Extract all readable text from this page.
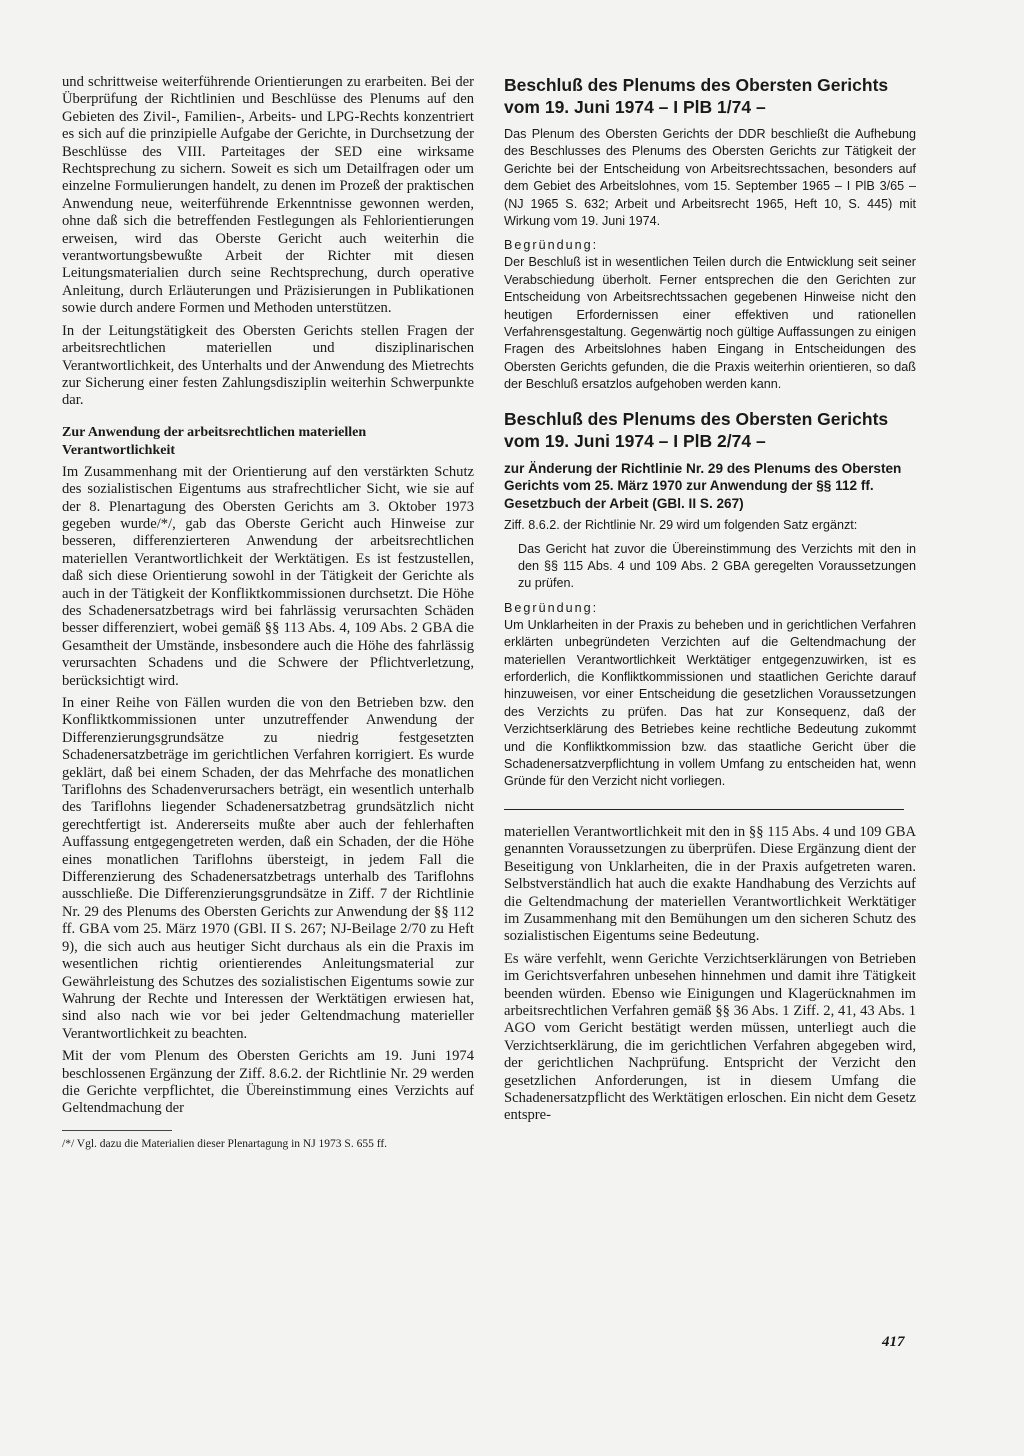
und schrittweise weiterführende Orientierungen zu erarbeiten. Bei der Überprüfung der Richtlinien und Beschlüsse des Plenums auf den Gebieten des Zivil-, Familien-, Arbeits- und LPG-Rechts konzentriert es sich auf die prinzipielle Aufgabe der Gerichte, in Durchsetzung der Beschlüsse des VIII. Parteitages der SED eine wirksame Rechtsprechung zu sichern. Soweit es sich um Detailfragen oder um einzelne Formulierungen handelt, zu denen im Prozeß der praktischen Anwendung neue, weiterführende Erkenntnisse gewonnen werden, ohne daß sich die betreffenden Festlegungen als Fehlorientierungen erweisen, wird das Oberste Gericht auch weiterhin die verantwortungsbewußte Arbeit der Richter mit diesen Leitungsmaterialien durch seine Rechtsprechung, durch operative Anleitung, durch Erläuterungen und Präzisierungen in Publikationen sowie durch andere Formen und Methoden unterstützen.

In der Leitungstätigkeit des Obersten Gerichts stellen Fragen der arbeitsrechtlichen materiellen und disziplinarischen Verantwortlichkeit, des Unterhalts und der Anwendung des Mietrechts zur Sicherung einer festen Zahlungsdisziplin weiterhin Schwerpunkte dar.

Zur Anwendung der arbeitsrechtlichen materiellen Verantwortlichkeit

Im Zusammenhang mit der Orientierung auf den verstärkten Schutz des sozialistischen Eigentums aus strafrechtlicher Sicht, wie sie auf der 8. Plenartagung des Obersten Gerichts am 3. Oktober 1973 gegeben wurde/*/, gab das Oberste Gericht auch Hinweise zur besseren, differenzierteren Anwendung der arbeitsrechtlichen materiellen Verantwortlichkeit der Werktätigen. Es ist festzustellen, daß sich diese Orientierung sowohl in der Tätigkeit der Gerichte als auch in der Tätigkeit der Konfliktkommissionen durchsetzt. Die Höhe des Schadenersatzbetrags wird bei fahrlässig verursachten Schäden besser differenziert, wobei gemäß §§ 113 Abs. 4, 109 Abs. 2 GBA die Gesamtheit der Umstände, insbesondere auch die Höhe des fahrlässig verursachten Schadens und die Schwere der Pflichtverletzung, berücksichtigt wird.

In einer Reihe von Fällen wurden die von den Betrieben bzw. den Konfliktkommissionen unter unzutreffender Anwendung der Differenzierungsgrundsätze zu niedrig festgesetzten Schadenersatzbeträge im gerichtlichen Verfahren korrigiert. Es wurde geklärt, daß bei einem Schaden, der das Mehrfache des monatlichen Tariflohns des Schadenverursachers beträgt, ein wesentlich unterhalb des Tariflohns liegender Schadenersatzbetrag grundsätzlich nicht gerechtfertigt ist. Andererseits mußte aber auch der fehlerhaften Auffassung entgegengetreten werden, daß ein Schaden, der die Höhe eines monatlichen Tariflohns übersteigt, in jedem Fall die Differenzierung des Schadenersatzbetrags unterhalb des Tariflohns ausschließe. Die Differenzierungsgrundsätze in Ziff. 7 der Richtlinie Nr. 29 des Plenums des Obersten Gerichts zur Anwendung der §§ 112 ff. GBA vom 25. März 1970 (GBl. II S. 267; NJ-Beilage 2/70 zu Heft 9), die sich auch aus heutiger Sicht durchaus als ein die Praxis im wesentlichen richtig orientierendes Anleitungsmaterial zur Gewährleistung des Schutzes des sozialistischen Eigentums sowie zur Wahrung der Rechte und Interessen der Werktätigen erwiesen hat, sind also nach wie vor bei jeder Geltendmachung materieller Verantwortlichkeit zu beachten.

Mit der vom Plenum des Obersten Gerichts am 19. Juni 1974 beschlossenen Ergänzung der Ziff. 8.6.2. der Richtlinie Nr. 29 werden die Gerichte verpflichtet, die Übereinstimmung eines Verzichts auf Geltendmachung der

/*/ Vgl. dazu die Materialien dieser Plenartagung in NJ 1973 S. 655 ff.

Beschluß des Plenums des Obersten Gerichts vom 19. Juni 1974 – I PlB 1/74 –

Das Plenum des Obersten Gerichts der DDR beschließt die Aufhebung des Beschlusses des Plenums des Obersten Gerichts zur Tätigkeit der Gerichte bei der Entscheidung von Arbeitsrechtssachen, besonders auf dem Gebiet des Arbeitslohnes, vom 15. September 1965 – I PlB 3/65 – (NJ 1965 S. 632; Arbeit und Arbeitsrecht 1965, Heft 10, S. 445) mit Wirkung vom 19. Juni 1974.

Begründung:

Der Beschluß ist in wesentlichen Teilen durch die Entwicklung seit seiner Verabschiedung überholt. Ferner entsprechen die den Gerichten zur Entscheidung von Arbeitsrechtssachen gegebenen Hinweise nicht den heutigen Erfordernissen einer effektiven und rationellen Verfahrensgestaltung. Gegenwärtig noch gültige Auffassungen zu einigen Fragen des Arbeitslohnes haben Eingang in Entscheidungen des Obersten Gerichts gefunden, die die Praxis weiterhin orientieren, so daß der Beschluß ersatzlos aufgehoben werden kann.

Beschluß des Plenums des Obersten Gerichts vom 19. Juni 1974 – I PlB 2/74 –
zur Änderung der Richtlinie Nr. 29 des Plenums des Obersten Gerichts vom 25. März 1970 zur Anwendung der §§ 112 ff. Gesetzbuch der Arbeit (GBl. II S. 267)

Ziff. 8.6.2. der Richtlinie Nr. 29 wird um folgenden Satz ergänzt:

Das Gericht hat zuvor die Übereinstimmung des Verzichts mit den in den §§ 115 Abs. 4 und 109 Abs. 2 GBA geregelten Voraussetzungen zu prüfen.

Begründung:

Um Unklarheiten in der Praxis zu beheben und in gerichtlichen Verfahren erklärten unbegründeten Verzichten auf die Geltendmachung der materiellen Verantwortlichkeit Werktätiger entgegenzuwirken, ist es erforderlich, die Konfliktkommissionen und staatlichen Gerichte darauf hinzuweisen, vor einer Entscheidung die gesetzlichen Voraussetzungen des Verzichts zu prüfen. Das hat zur Konsequenz, daß der Verzichtserklärung des Betriebes keine rechtliche Bedeutung zukommt und die Konfliktkommission bzw. das staatliche Gericht über die Schadenersatzverpflichtung in vollem Umfang zu entscheiden hat, wenn Gründe für den Verzicht nicht vorliegen.

materiellen Verantwortlichkeit mit den in §§ 115 Abs. 4 und 109 GBA genannten Voraussetzungen zu überprüfen. Diese Ergänzung dient der Beseitigung von Unklarheiten, die in der Praxis aufgetreten waren. Selbstverständlich hat auch die exakte Handhabung des Verzichts auf die Geltendmachung der materiellen Verantwortlichkeit Werktätiger im Zusammenhang mit den Bemühungen um den sicheren Schutz des sozialistischen Eigentums seine Bedeutung.

Es wäre verfehlt, wenn Gerichte Verzichtserklärungen von Betrieben im Gerichtsverfahren unbesehen hinnehmen und damit ihre Tätigkeit beenden würden. Ebenso wie Einigungen und Klagerücknahmen im arbeitsrechtlichen Verfahren gemäß §§ 36 Abs. 1 Ziff. 2, 41, 43 Abs. 1 AGO vom Gericht bestätigt werden müssen, unterliegt auch die Verzichtserklärung, die im gerichtlichen Verfahren abgegeben wird, der gerichtlichen Nachprüfung. Entspricht der Verzicht den gesetzlichen Anforderungen, ist in diesem Umfang die Schadenersatzpflicht des Werktätigen erloschen. Ein nicht dem Gesetz entspre-

417
